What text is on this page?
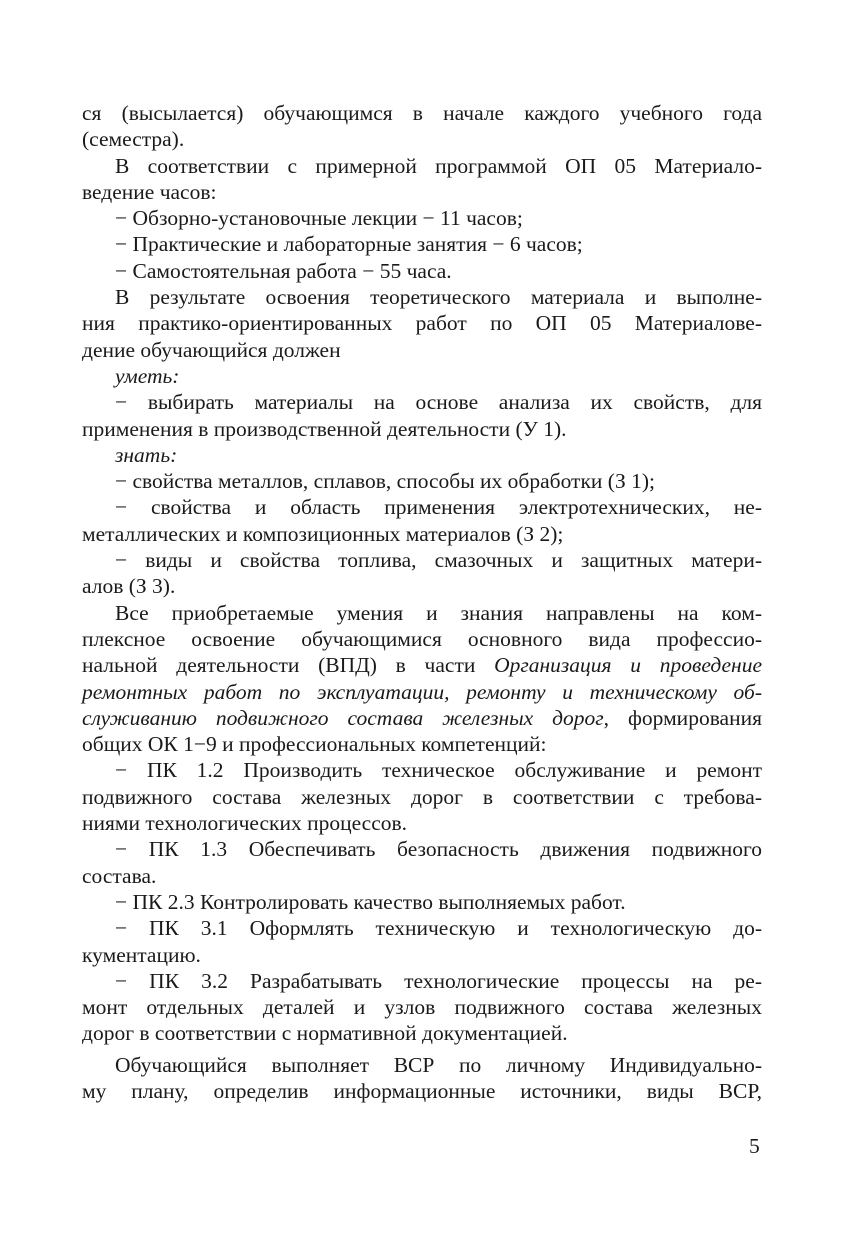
ся (высылается) обучающимся в начале каждого учебного года
(семестра).
В соответствии с примерной программой ОП 05 Материало-
ведение часов:
− Обзорно-установочные лекции − 11 часов;
− Практические и лабораторные занятия − 6 часов;
− Самостоятельная работа − 55 часа.
В результате освоения теоретического материала и выполне-
ния практико-ориентированных работ по ОП 05 Материалове-
дение обучающийся должен
уметь:
− выбирать материалы на основе анализа их свойств, для
применения в производственной деятельности (У 1).
знать:
− свойства металлов, сплавов, способы их обработки (З 1);
− свойства и область применения электротехнических, не-
металлических и композиционных материалов (З 2);
− виды и свойства топлива, смазочных и защитных матери-
алов (З 3).
Все приобретаемые умения и знания направлены на ком-
плексное освоение обучающимися основного вида профессио-
нальной деятельности (ВПД) в части Организация и проведение
ремонтных работ по эксплуатации, ремонту и техническому об-
служиванию подвижного состава железных дорог, формирования
общих ОК 1−9 и профессиональных компетенций:
− ПК 1.2 Производить техническое обслуживание и ремонт
подвижного состава железных дорог в соответствии с требова-
ниями технологических процессов.
− ПК 1.3 Обеспечивать безопасность движения подвижного
состава.
− ПК 2.3 Контролировать качество выполняемых работ.
− ПК 3.1 Оформлять техническую и технологическую до-
кументацию.
− ПК 3.2 Разрабатывать технологические процессы на ре-
монт отдельных деталей и узлов подвижного состава железных
дорог в соответствии с нормативной документацией.
Обучающийся выполняет ВСР по личному Индивидуально-
му плану, определив информационные источники, виды ВСР,
5
